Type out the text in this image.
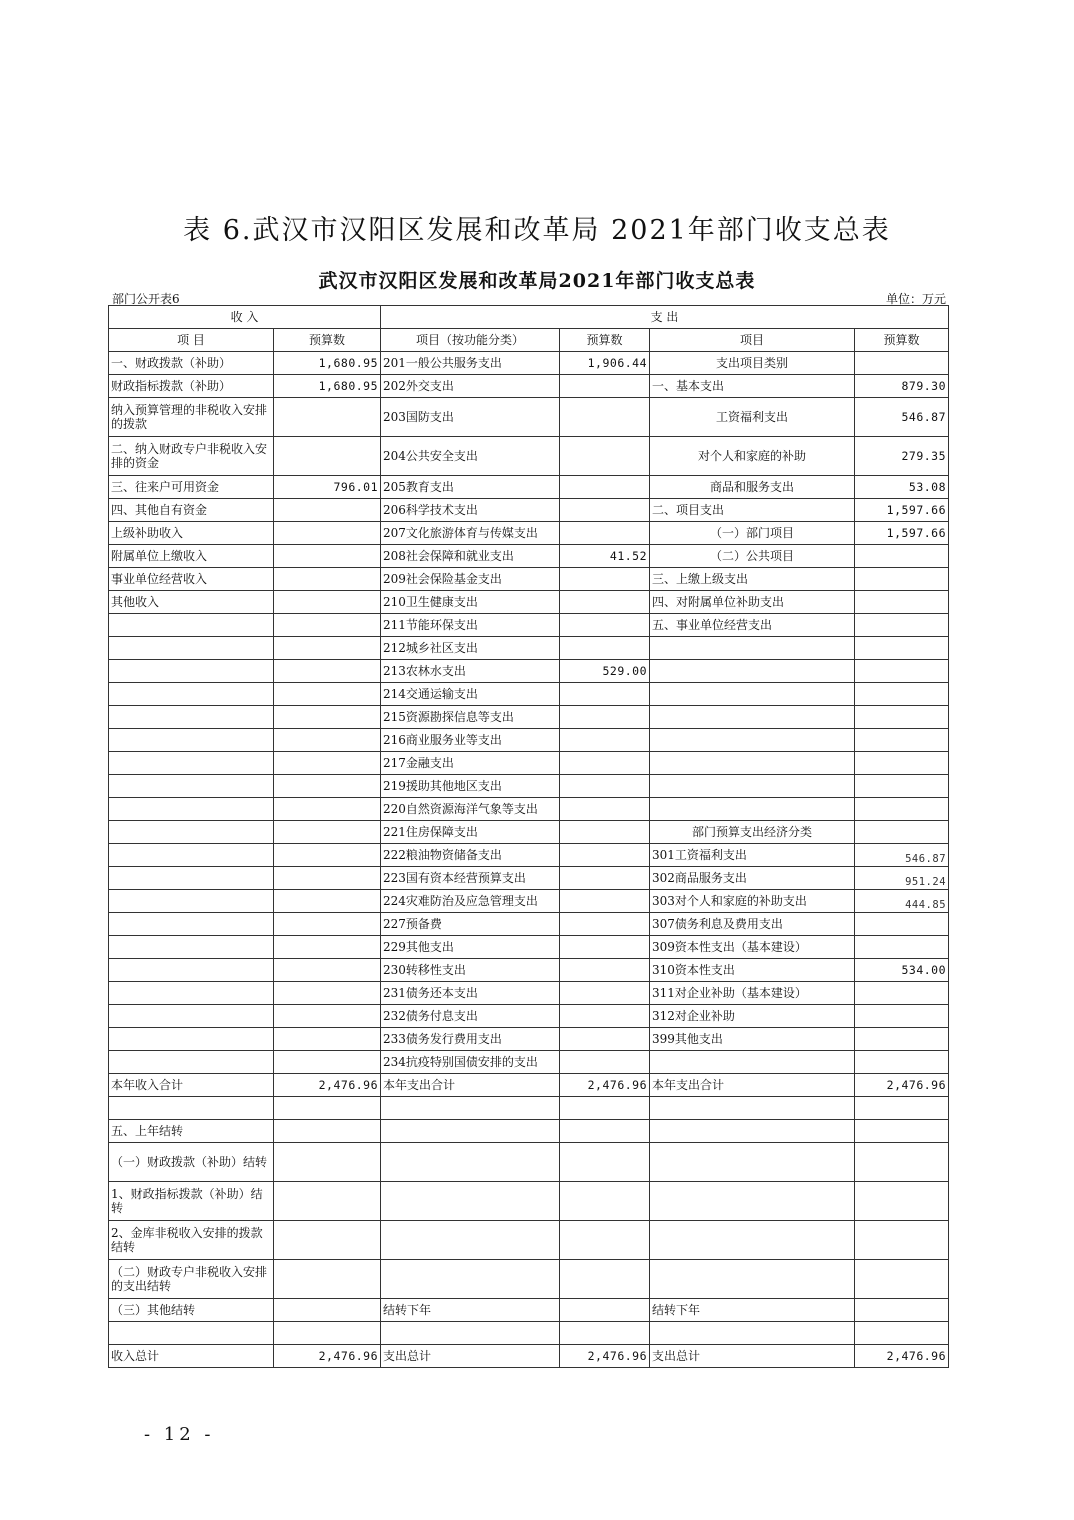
表 6.武汉市汉阳区发展和改革局 2021年部门收支总表
武汉市汉阳区发展和改革局2021年部门收支总表
部门公开表6	单位：万元
收 入		支 出			
项 目	预算数	项目（按功能分类）	预算数	项目	预算数
一、财政拨款（补助）	1,680.95	201一般公共服务支出	1,906.44	支出项目类别	
财政指标拨款（补助）	1,680.95	202外交支出		一、基本支出	879.30
纳入预算管理的非税收入安排的拨款		203国防支出		工资福利支出	546.87
二、纳入财政专户非税收入安排的资金		204公共安全支出		对个人和家庭的补助	279.35
三、往来户可用资金	796.01	205教育支出		商品和服务支出	53.08
四、其他自有资金		206科学技术支出		二、项目支出	1,597.66
上级补助收入		207文化旅游体育与传媒支出		（一）部门项目	1,597.66
附属单位上缴收入		208社会保障和就业支出	41.52	（二）公共项目	
事业单位经营收入		209社会保险基金支出		三、上缴上级支出	
其他收入		210卫生健康支出		四、对附属单位补助支出	
		211节能环保支出		五、事业单位经营支出	
		212城乡社区支出			
		213农林水支出	529.00		
		214交通运输支出			
		215资源勘探信息等支出			
		216商业服务业等支出			
		217金融支出			
		219援助其他地区支出			
		220自然资源海洋气象等支出			
		221住房保障支出		部门预算支出经济分类	
		222粮油物资储备支出		301工资福利支出	546.87
		223国有资本经营预算支出		302商品服务支出	951.24
		224灾难防治及应急管理支出		303对个人和家庭的补助支出	444.85
		227预备费		307债务利息及费用支出	
		229其他支出		309资本性支出（基本建设）	
		230转移性支出		310资本性支出	534.00
		231债务还本支出		311对企业补助（基本建设）	
		232债务付息支出		312对企业补助	
		233债务发行费用支出		399其他支出	
		234抗疫特别国债安排的支出			
本年收入合计	2,476.96	本年支出合计	2,476.96	本年支出合计	2,476.96

五、上年结转					
（一）财政拨款（补助）结转					
1、财政指标拨款（补助）结转					
2、金库非税收入安排的拨款结转					
（二）财政专户非税收入安排的支出结转					
（三）其他结转		结转下年		结转下年	

收入总计	2,476.96	支出总计	2,476.96	支出总计	2,476.96
- 12 -
